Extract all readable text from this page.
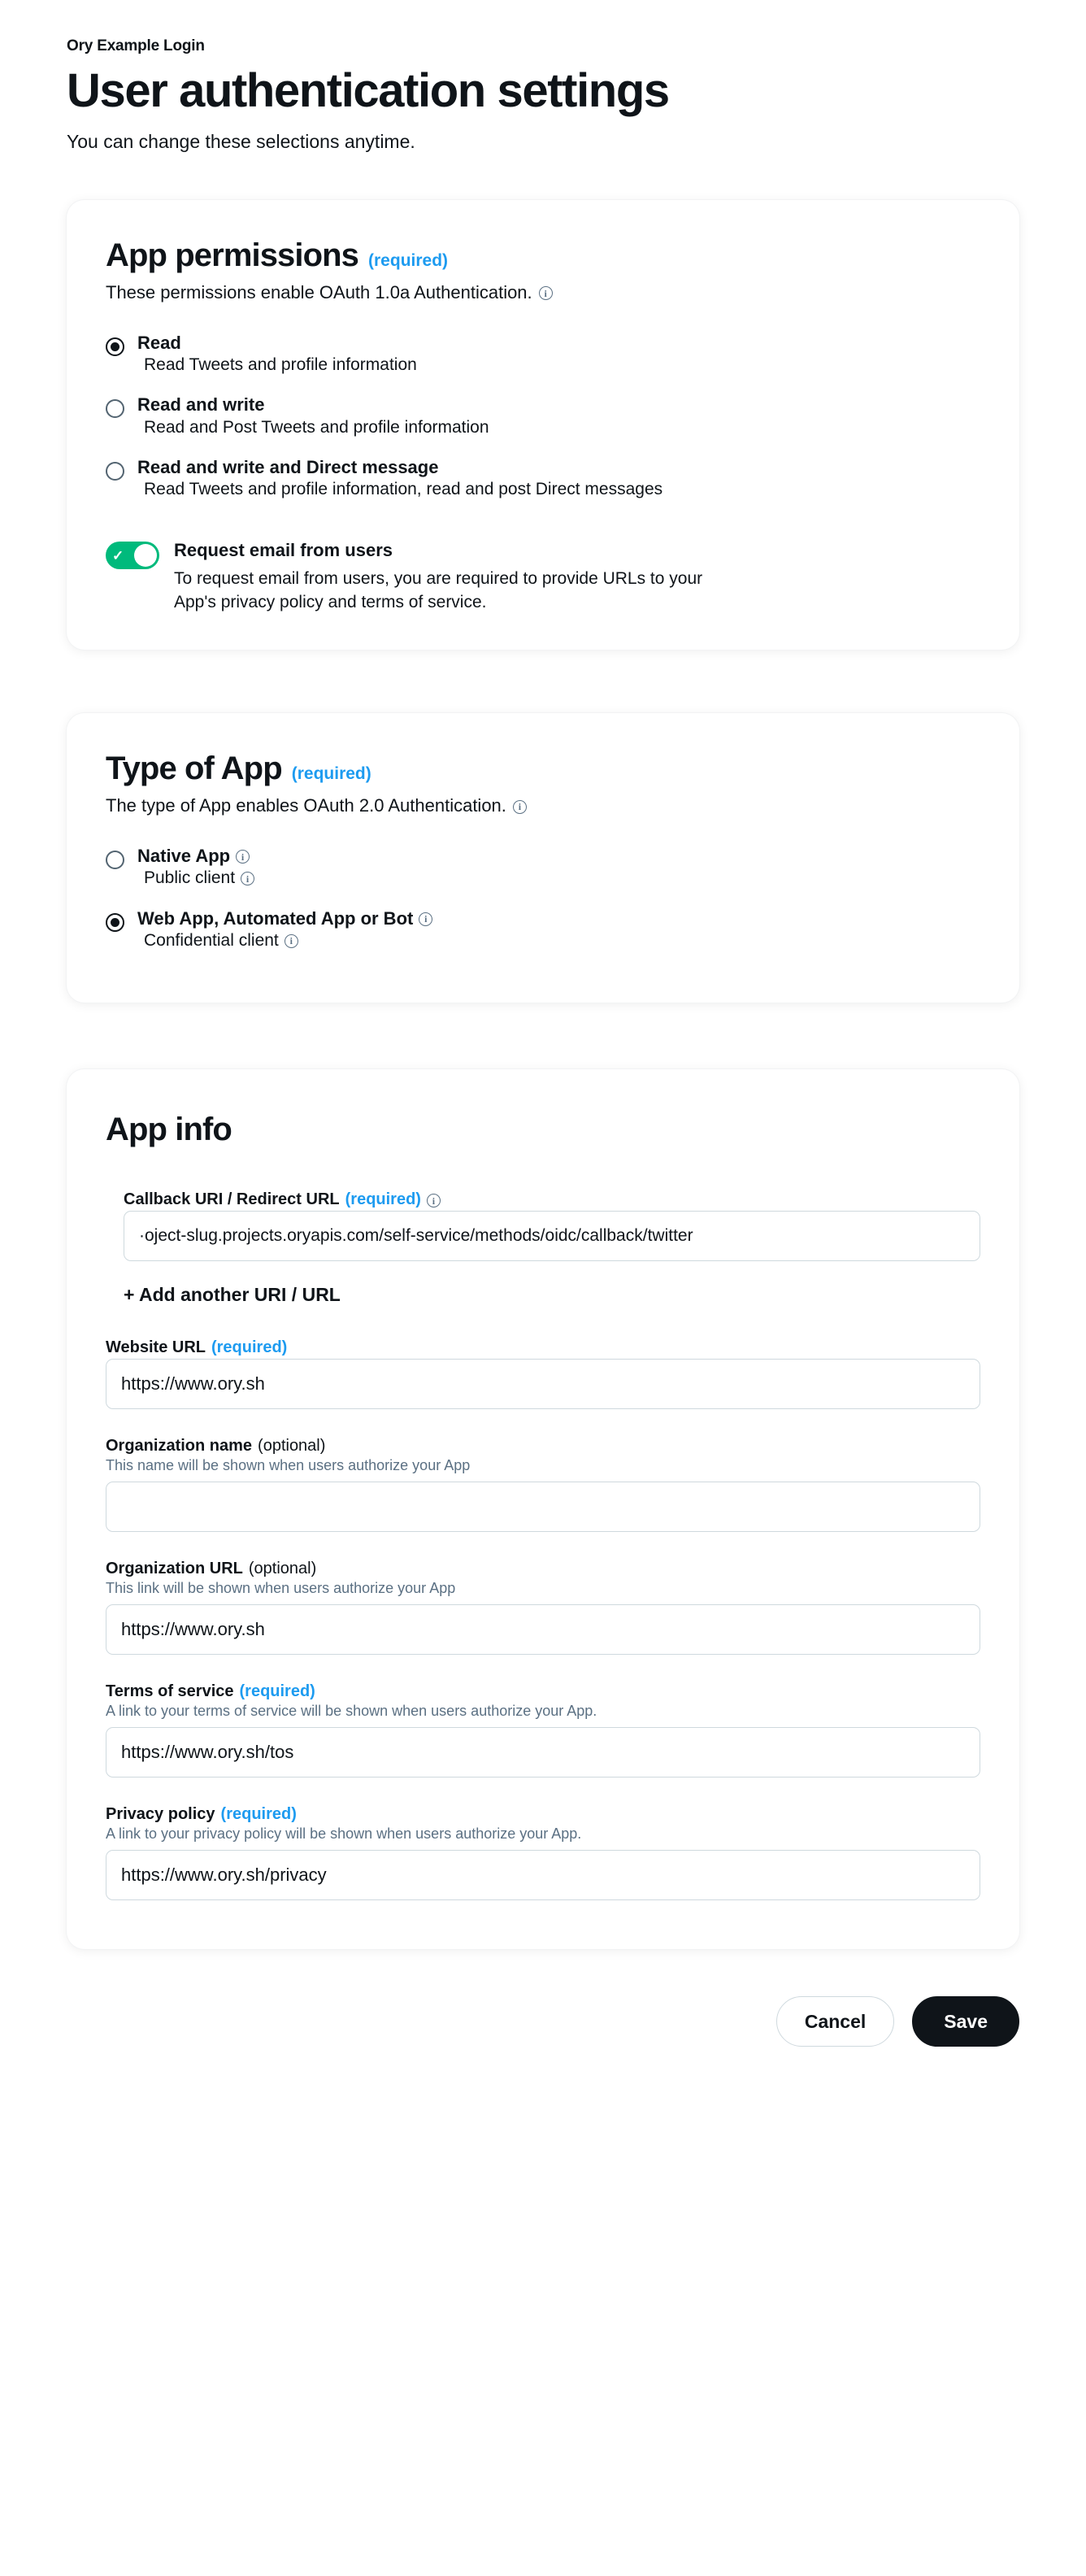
Ory Example Login
User authentication settings

You can change these selections anytime.

App permissions (required)

These permissions enable OAuth 1.0a Authentication.
i

Read
Read Tweets and profile information
Read and write
Read and Post Tweets and profile information
Read and write and Direct message
Read Tweets and profile information, read and post Direct messages
✓	Request email from users

To request email from users, you are required to provide URLs to your App's privacy policy and terms of service.

Type of App (required)

The type of App enables OAuth 2.0 Authentication.
i

Native App
i
Public client
i
Web App, Automated App or Bot
i
Confidential client
i
App info
Callback URI / Redirect URL (required)
i
·oject-slug.projects.oryapis.com/self-service/methods/oidc/callback/twitter
+ Add another URI / URL
Website URL (required)
https://www.ory.sh
Organization name (optional)

This name will be shown when users authorize your App

Organization URL (optional)

This link will be shown when users authorize your App

https://www.ory.sh
Terms of service (required)

A link to your terms of service will be shown when users authorize your App.

https://www.ory.sh/tos
Privacy policy (required)

A link to your privacy policy will be shown when users authorize your App.

https://www.ory.sh/privacy
Cancel	Save
